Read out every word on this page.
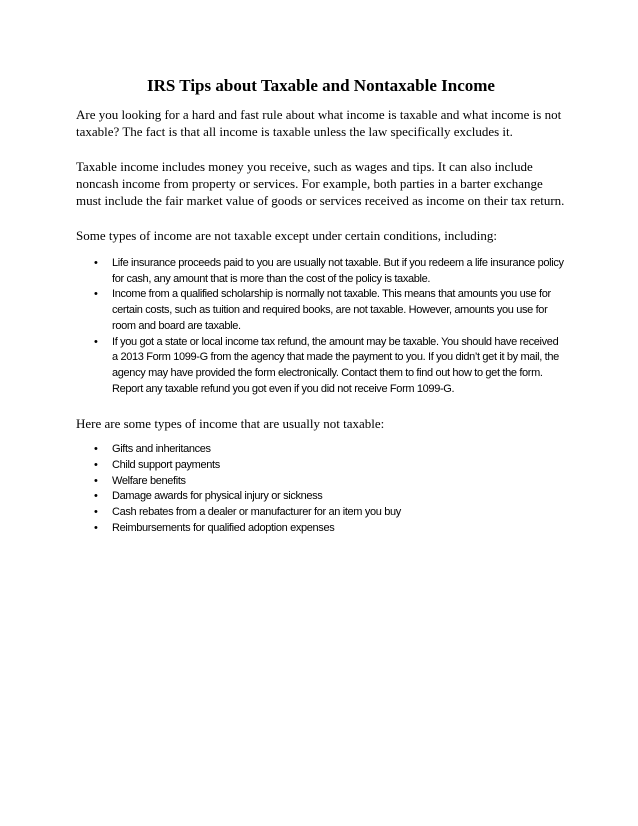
IRS Tips about Taxable and Nontaxable Income

Are you looking for a hard and fast rule about what income is taxable and what income is not taxable? The fact is that all income is taxable unless the law specifically excludes it.

Taxable income includes money you receive, such as wages and tips. It can also include noncash income from property or services. For example, both parties in a barter exchange must include the fair market value of goods or services received as income on their tax return.

Some types of income are not taxable except under certain conditions, including:

• Life insurance proceeds paid to you are usually not taxable. But if you redeem a life insurance policy for cash, any amount that is more than the cost of the policy is taxable.
• Income from a qualified scholarship is normally not taxable. This means that amounts you use for certain costs, such as tuition and required books, are not taxable. However, amounts you use for room and board are taxable.
• If you got a state or local income tax refund, the amount may be taxable. You should have received a 2013 Form 1099-G from the agency that made the payment to you. If you didn’t get it by mail, the agency may have provided the form electronically. Contact them to find out how to get the form. Report any taxable refund you got even if you did not receive Form 1099-G.

Here are some types of income that are usually not taxable:

• Gifts and inheritances
• Child support payments
• Welfare benefits
• Damage awards for physical injury or sickness
• Cash rebates from a dealer or manufacturer for an item you buy
• Reimbursements for qualified adoption expenses
